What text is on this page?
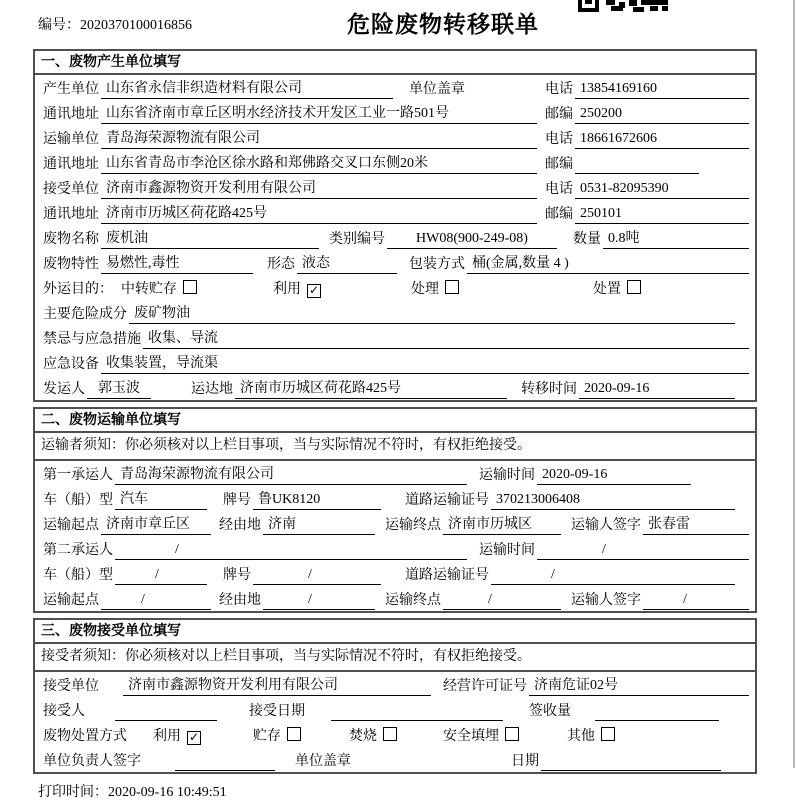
编号：2020370100016856	危险废物转移联单
一、废物产生单位填写
产生单位 山东省永信非织造材料有限公司	单位盖章	电话 13854169160
通讯地址 山东省济南市章丘区明水经济技术开发区工业一路501号	邮编 250200
运输单位 青岛海荣源物流有限公司	电话 18661672606
通讯地址 山东省青岛市李沧区徐水路和郑佛路交叉口东侧20米	邮编
接受单位 济南市鑫源物资开发利用有限公司	电话 0531-82095390
通讯地址 济南市历城区荷花路425号	邮编 250101
废物名称 废机油	类别编号	HW08(900-249-08)	数量 0.8吨
废物特性 易燃性,毒性	形态 液态	包装方式 桶(金属,数量 4 )
外运目的： 中转贮存	利用 ✓	处理	处置
主要危险成分 废矿物油
禁忌与应急措施 收集、导流
应急设备 收集装置，导流渠
发运人 郭玉波	运达地 济南市历城区荷花路425号	转移时间 2020-09-16
二、废物运输单位填写
运输者须知：你必须核对以上栏目事项，当与实际情况不符时，有权拒绝接受。
第一承运人 青岛海荣源物流有限公司	运输时间 2020-09-16
车（船）型 汽车	牌号 鲁UK8120	道路运输证号 370213006408
运输起点 济南市章丘区	经由地 济南	运输终点 济南市历城区	运输人签字 张春雷
第二承运人	/	运输时间	/
车（船）型	/	牌号	/	道路运输证号	/
运输起点	/	经由地	/	运输终点	/	运输人签字	/
三、废物接受单位填写
接受者须知：你必须核对以上栏目事项，当与实际情况不符时，有权拒绝接受。
接受单位	济南市鑫源物资开发利用有限公司	经营许可证号 济南危证02号
接受人	接受日期	签收量
废物处置方式 利用 ✓	贮存	焚烧	安全填埋	其他
单位负责人签字	单位盖章	日期
打印时间：2020-09-16 10:49:51
